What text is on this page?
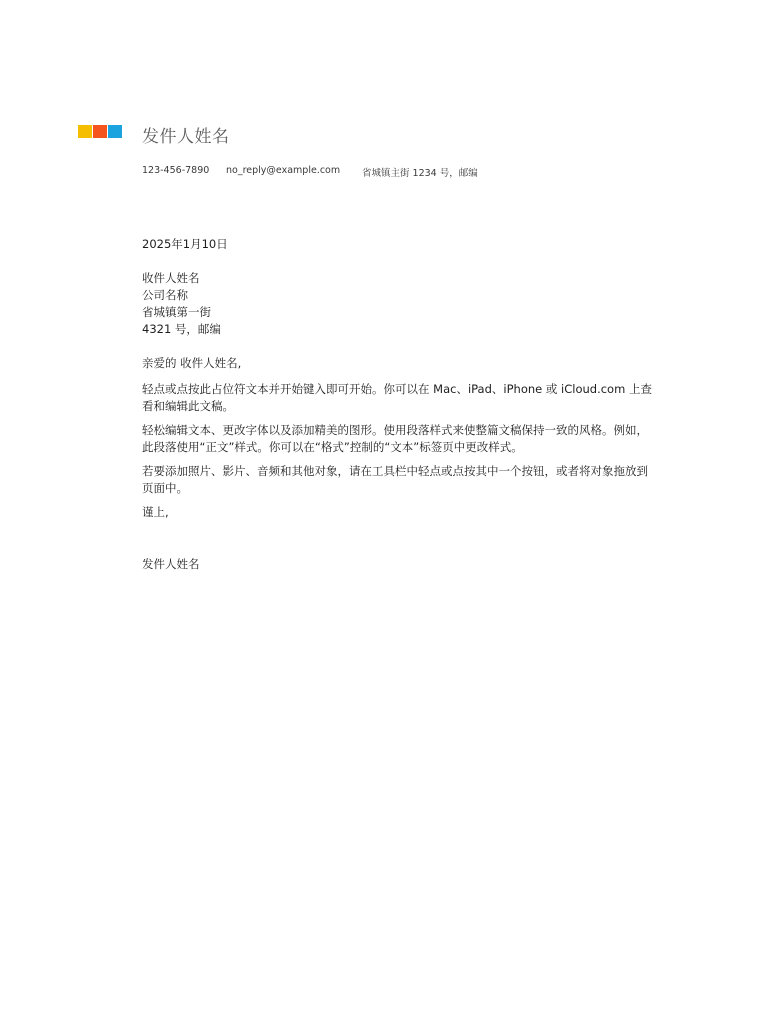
发件人姓名
123-456-7890	no_reply@example.com	省城镇主街 1234 号，邮编
2025年1月10日
收件人姓名
公司名称
省城镇第一街
4321 号，邮编

亲爱的 收件人姓名,

轻点或点按此占位符文本并开始键入即可开始。你可以在 Mac、iPad、iPhone 或 iCloud.com 上查看和编辑此文稿。

轻松编辑文本、更改字体以及添加精美的图形。使用段落样式来使整篇文稿保持一致的风格。例如，此段落使用“正文”样式。你可以在“格式”控制的“文本”标签页中更改样式。

若要添加照片、影片、音频和其他对象，请在工具栏中轻点或点按其中一个按钮，或者将对象拖放到页面中。

谨上,

发件人姓名
